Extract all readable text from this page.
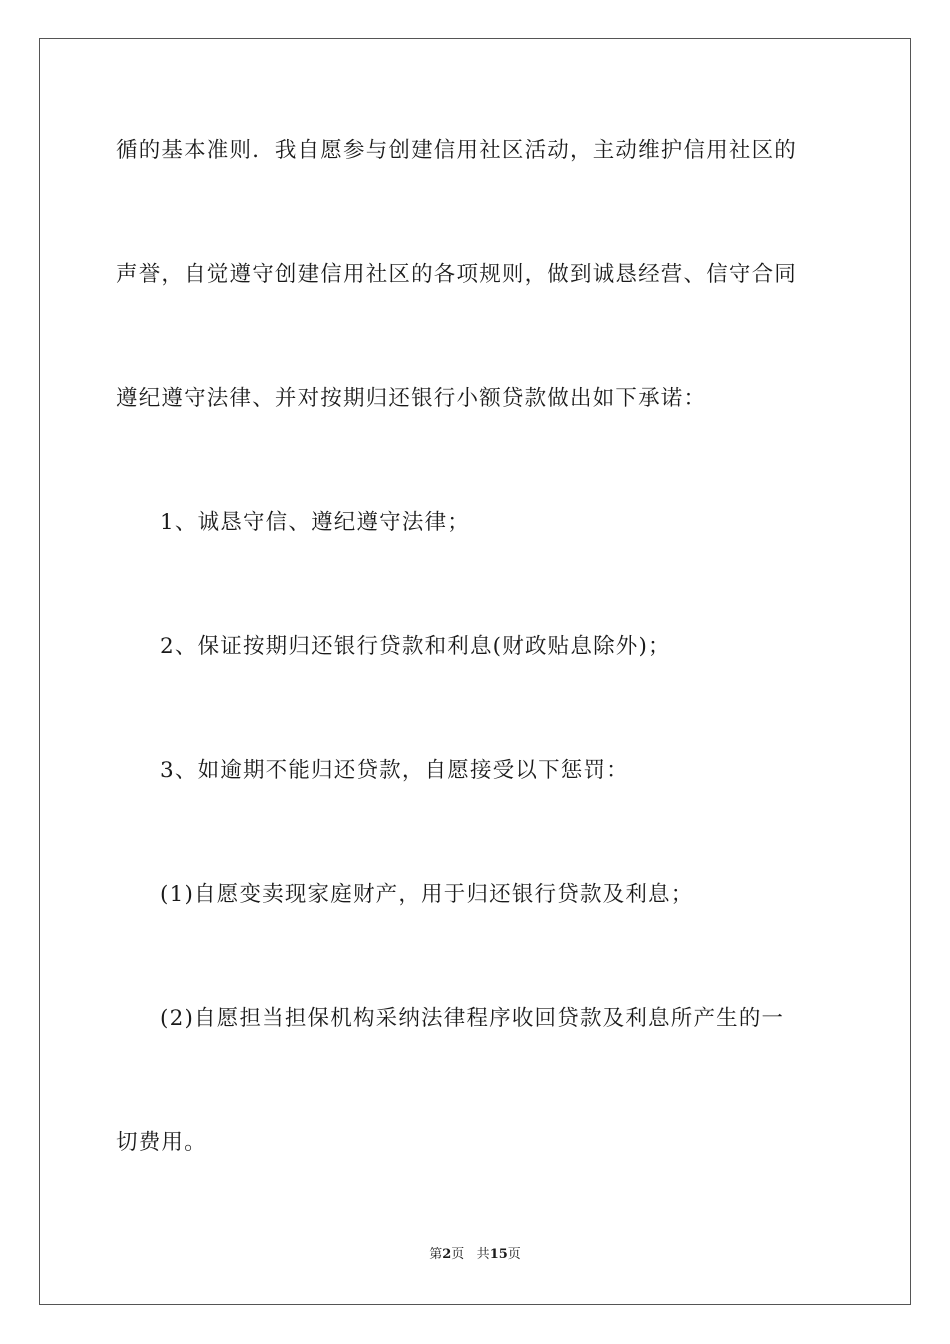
循的基本准则．我自愿参与创建信用社区活动，主动维护信用社区的
声誉，自觉遵守创建信用社区的各项规则，做到诚恳经营、信守合同
遵纪遵守法律、并对按期归还银行小额贷款做出如下承诺：
1、诚恳守信、遵纪遵守法律；
2、保证按期归还银行贷款和利息(财政贴息除外)；
3、如逾期不能归还贷款，自愿接受以下惩罚：
(1)自愿变卖现家庭财产，用于归还银行贷款及利息；
(2)自愿担当担保机构采纳法律程序收回贷款及利息所产生的一
切费用。
第2页 共15页
